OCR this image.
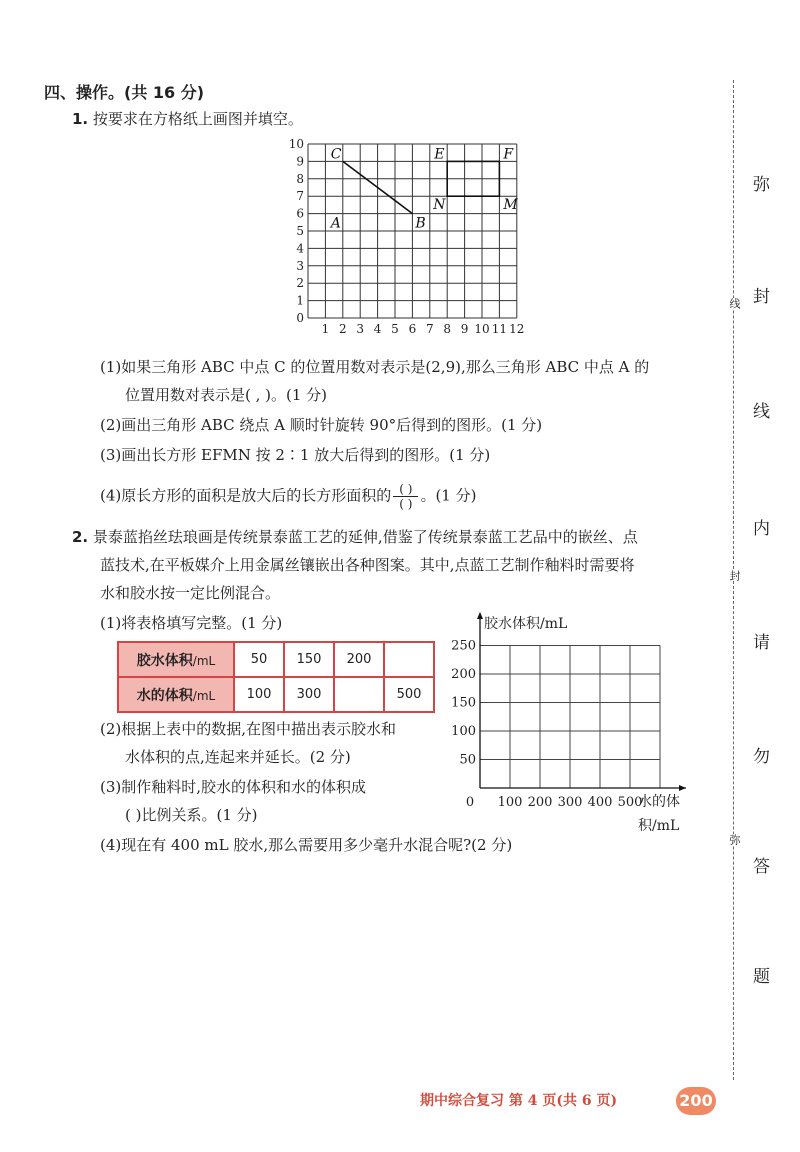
四、操作。(共 16 分)
1. 按要求在方格纸上画图并填空。
1 2 3 4 5 6 7 8 9 10 11 12
0
1
2
3
4
5
6
7
8
9
10
C
A	B
E	F
N	M
(1)如果三角形 ABC 中点 C 的位置用数对表示是(2,9),那么三角形 ABC 中点 A 的
位置用数对表示是( , )。(1 分)
(2)画出三角形 ABC 绕点 A 顺时针旋转 90°后得到的图形。(1 分)
(3)画出长方形 EFMN 按 2∶1 放大后得到的图形。(1 分)
(4)原长方形的面积是放大后的长方形面积的 $\frac{( )}{( )}$ 。(1 分)
2. 景泰蓝掐丝珐琅画是传统景泰蓝工艺的延伸,借鉴了传统景泰蓝工艺品中的嵌丝、点
蓝技术,在平板媒介上用金属丝镶嵌出各种图案。其中,点蓝工艺制作釉料时需要将
水和胶水按一定比例混合。
(1)将表格填写完整。(1 分)
胶水体积/mL	50	150	200	
水的体积/mL	100	300		500
(2)根据上表中的数据,在图中描出表示胶水和
水体积的点,连起来并延长。(2 分)
(3)制作釉料时,胶水的体积和水的体积成
( )比例关系。(1 分)
(4)现在有 400 mL 胶水,那么需要用多少毫升水混合呢?(2 分)
0 100 200 300 400 500
50
100
150
200
250
胶水体积/mL
水的体
积/mL
弥
封
线
内
请
勿
答
题
线
封
弥
期中综合复习 第 4 页(共 6 页)	200
